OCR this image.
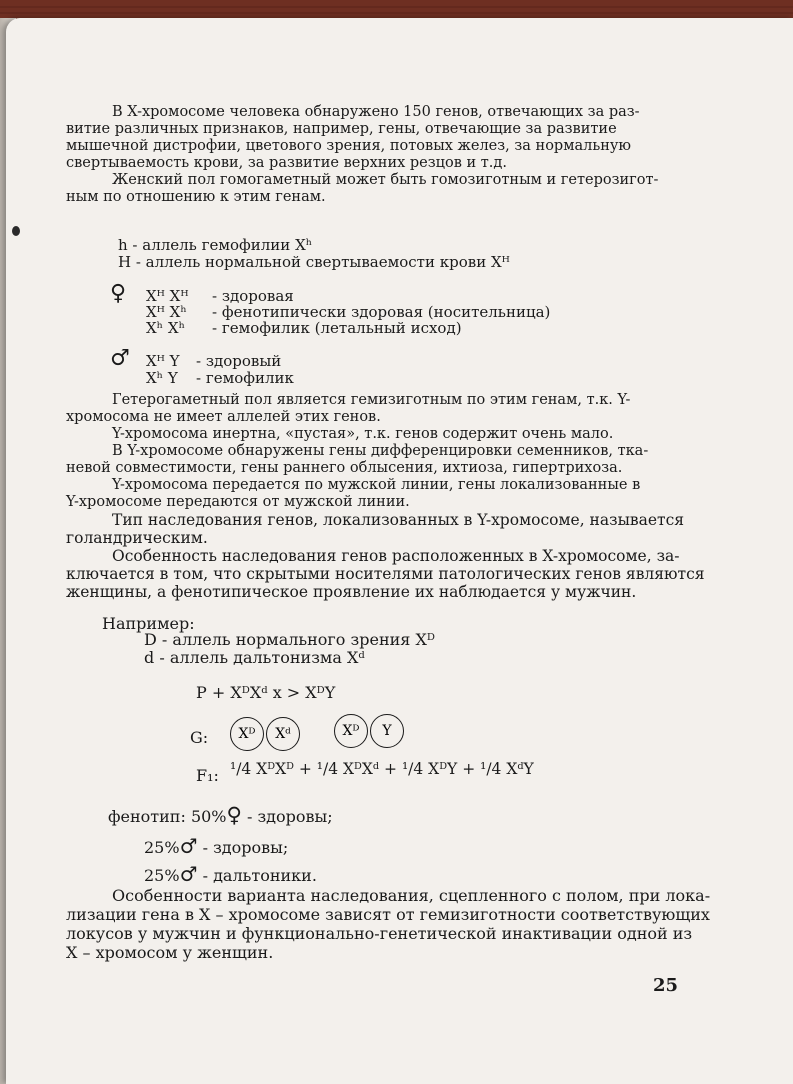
В X-хромосоме человека обнаружено 150 генов, отвечающих за раз-
витие различных признаков, например, гены, отвечающие за развитие
мышечной дистрофии, цветового зрения, потовых желез, за нормальную
свертываемость крови, за развитие верхних резцов и т.д.

Женский пол гомогаметный может быть гомозиготным и гетерозигот-
ным по отношению к этим генам.

h - аллель гемофилии Xʰ
H - аллель нормальной свертываемости крови Xᴴ
♀ Xᴴ Xᴴ - здоровая
Xᴴ Xʰ - фенотипически здоровая (носительница)
Xʰ Xʰ - гемофилик (летальный исход)
♂ Xᴴ Y - здоровый
Xʰ Y - гемофилик

Гетерогаметный пол является гемизиготным по этим генам, т.к. Y-
хромосома не имеет аллелей этих генов.

Y-хромосома инертна, «пустая», т.к. генов содержит очень мало.

В Y-хромосоме обнаружены гены дифференцировки семенников, тка-
невой совместимости, гены раннего облысения, ихтиоза, гипертрихоза.

Y-хромосома передается по мужской линии, гены локализованные в
Y-хромосоме передаются от мужской линии.

Тип наследования генов, локализованных в Y-хромосоме, называется
голандрическим.

Особенность наследования генов расположенных в X-хромосоме, за-
ключается в том, что скрытыми носителями патологических генов являются
женщины, а фенотипическое проявление их наблюдается у мужчин.

Например:
D - аллель нормального зрения Xᴰ
d - аллель дальтонизма Xᵈ
P + XᴰXᵈ x > XᴰY
G:	Xᴰ	Xᵈ	Xᴰ	Y
F₁: ¹/4 XᴰXᴰ + ¹/4 XᴰXᵈ + ¹/4 XᴰY + ¹/4 XᵈY
фенотип: 50%♀ - здоровы;
25%♂ - здоровы;
25%♂ - дальтоники.

Особенности варианта наследования, сцепленного с полом, при лока-
лизации гена в X – хромосоме зависят от гемизиготности соответствующих
локусов у мужчин и функционально-генетической инактивации одной из
X – хромосом у женщин.

25
